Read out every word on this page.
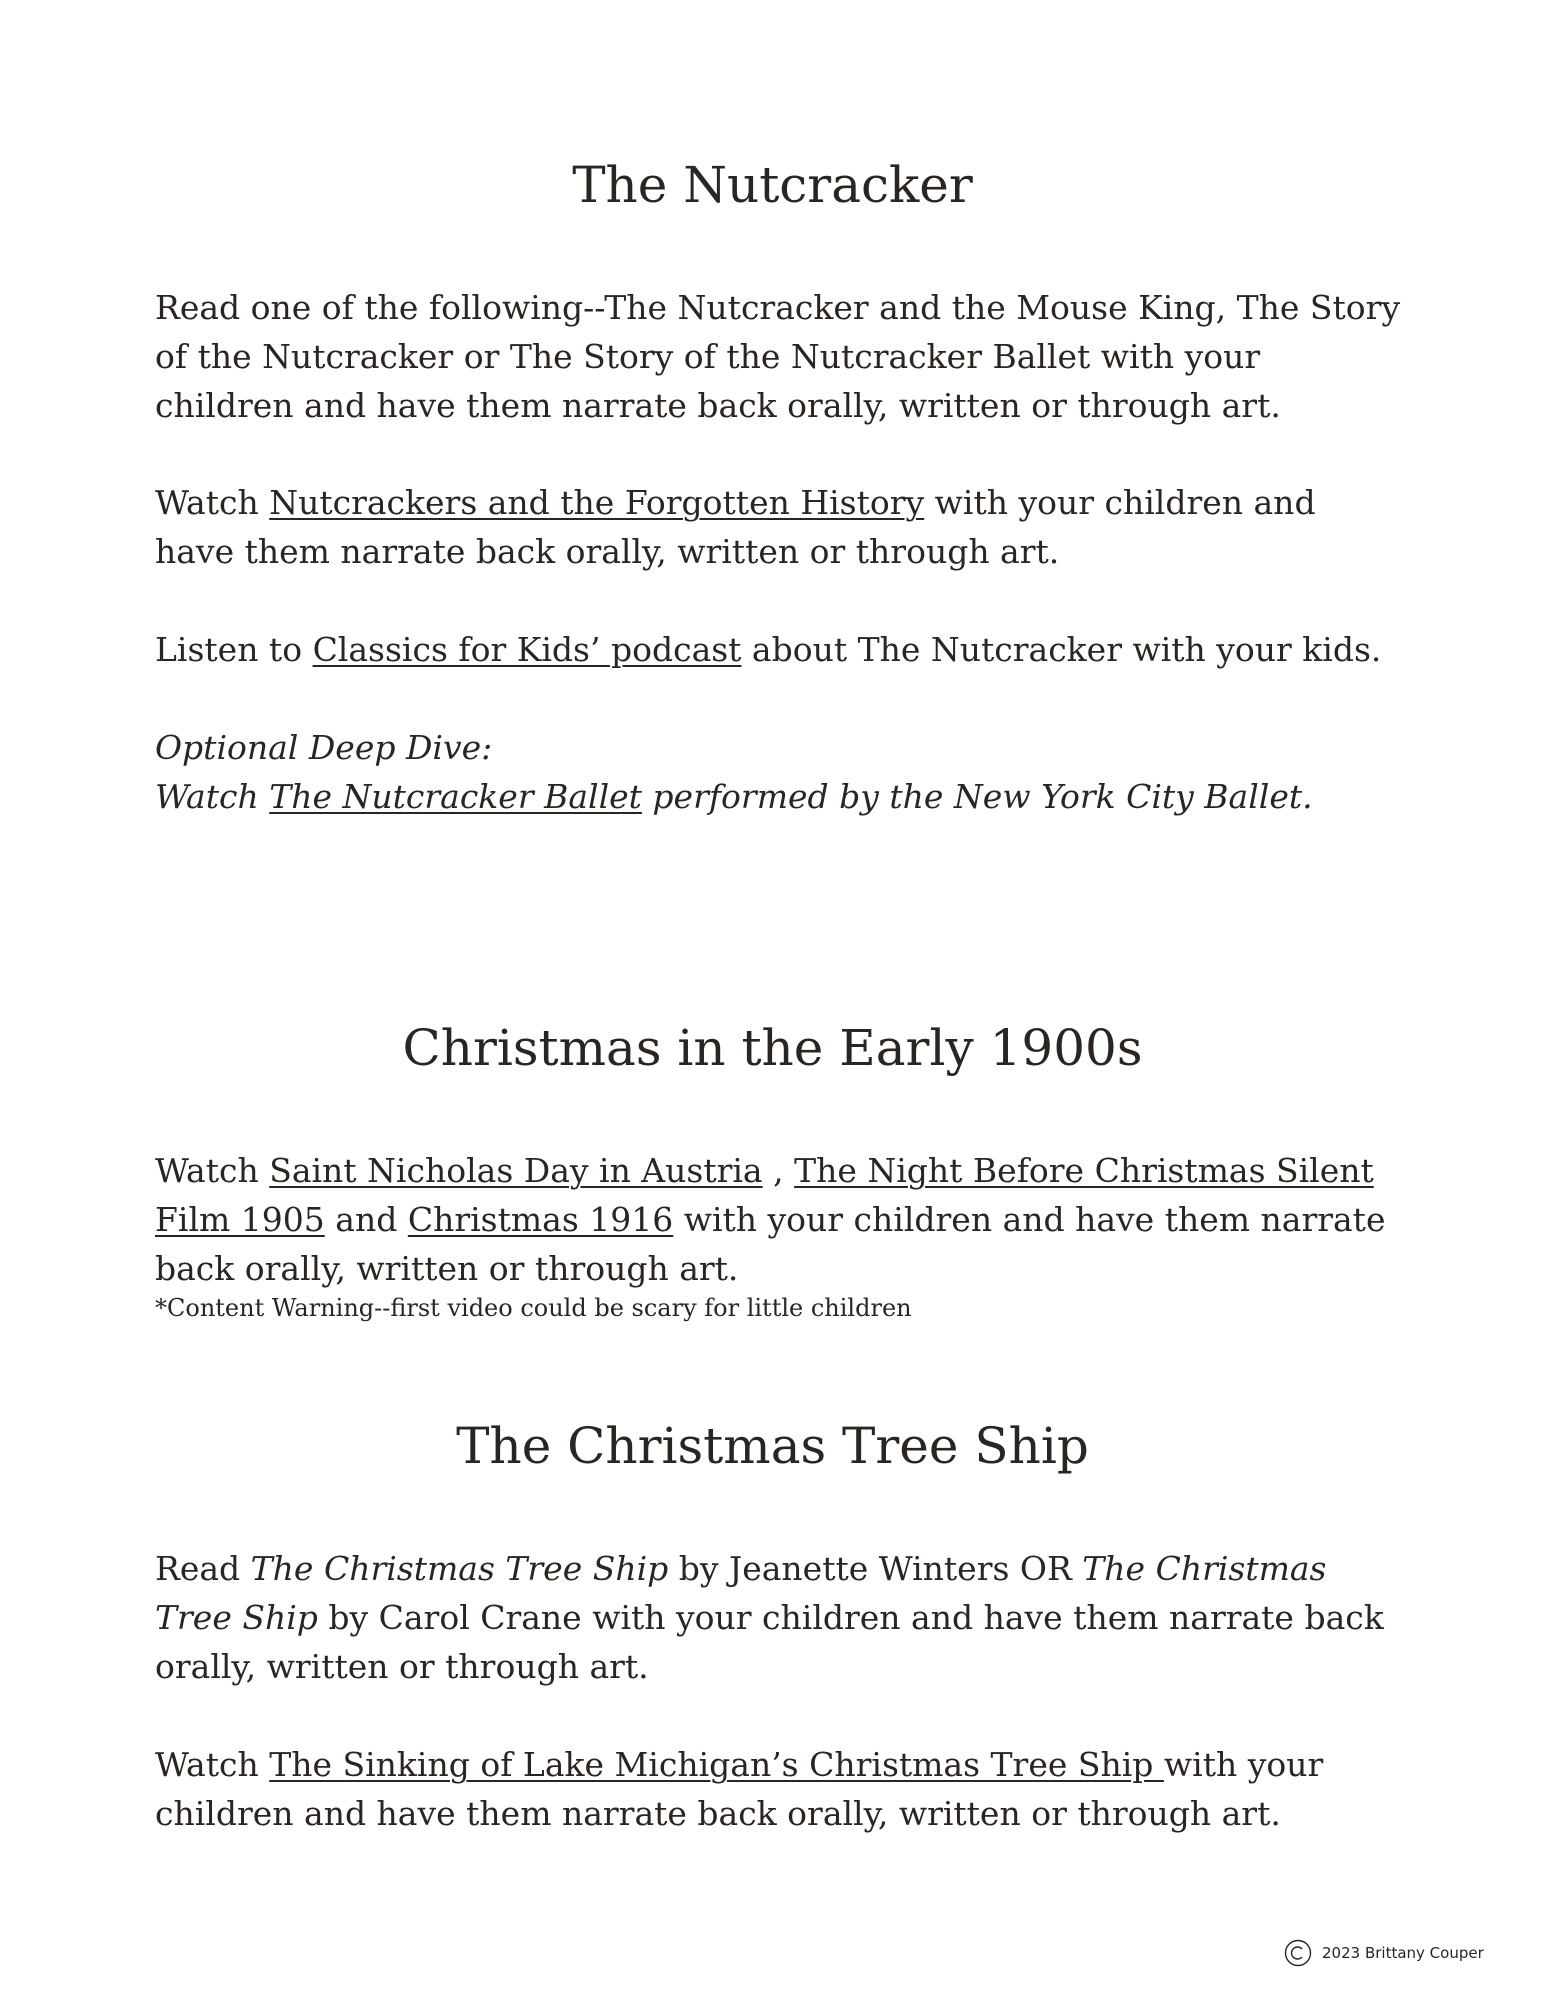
The Nutcracker

Read one of the following--The Nutcracker and the Mouse King, The Story of the Nutcracker or The Story of the Nutcracker Ballet with your children and have them narrate back orally, written or through art.

Watch Nutcrackers and the Forgotten History with your children and have them narrate back orally, written or through art.

Listen to Classics for Kids’ podcast about The Nutcracker with your kids.

Optional Deep Dive:
Watch The Nutcracker Ballet performed by the New York City Ballet.

Christmas in the Early 1900s

Watch Saint Nicholas Day in Austria , The Night Before Christmas Silent Film 1905 and Christmas 1916 with your children and have them narrate back orally, written or through art.

*Content Warning--first video could be scary for little children

The Christmas Tree Ship

Read The Christmas Tree Ship by Jeanette Winters OR The Christmas Tree Ship by Carol Crane with your children and have them narrate back orally, written or through art.

Watch The Sinking of Lake Michigan’s Christmas Tree Ship with your children and have them narrate back orally, written or through art.

2023 Brittany Couper
